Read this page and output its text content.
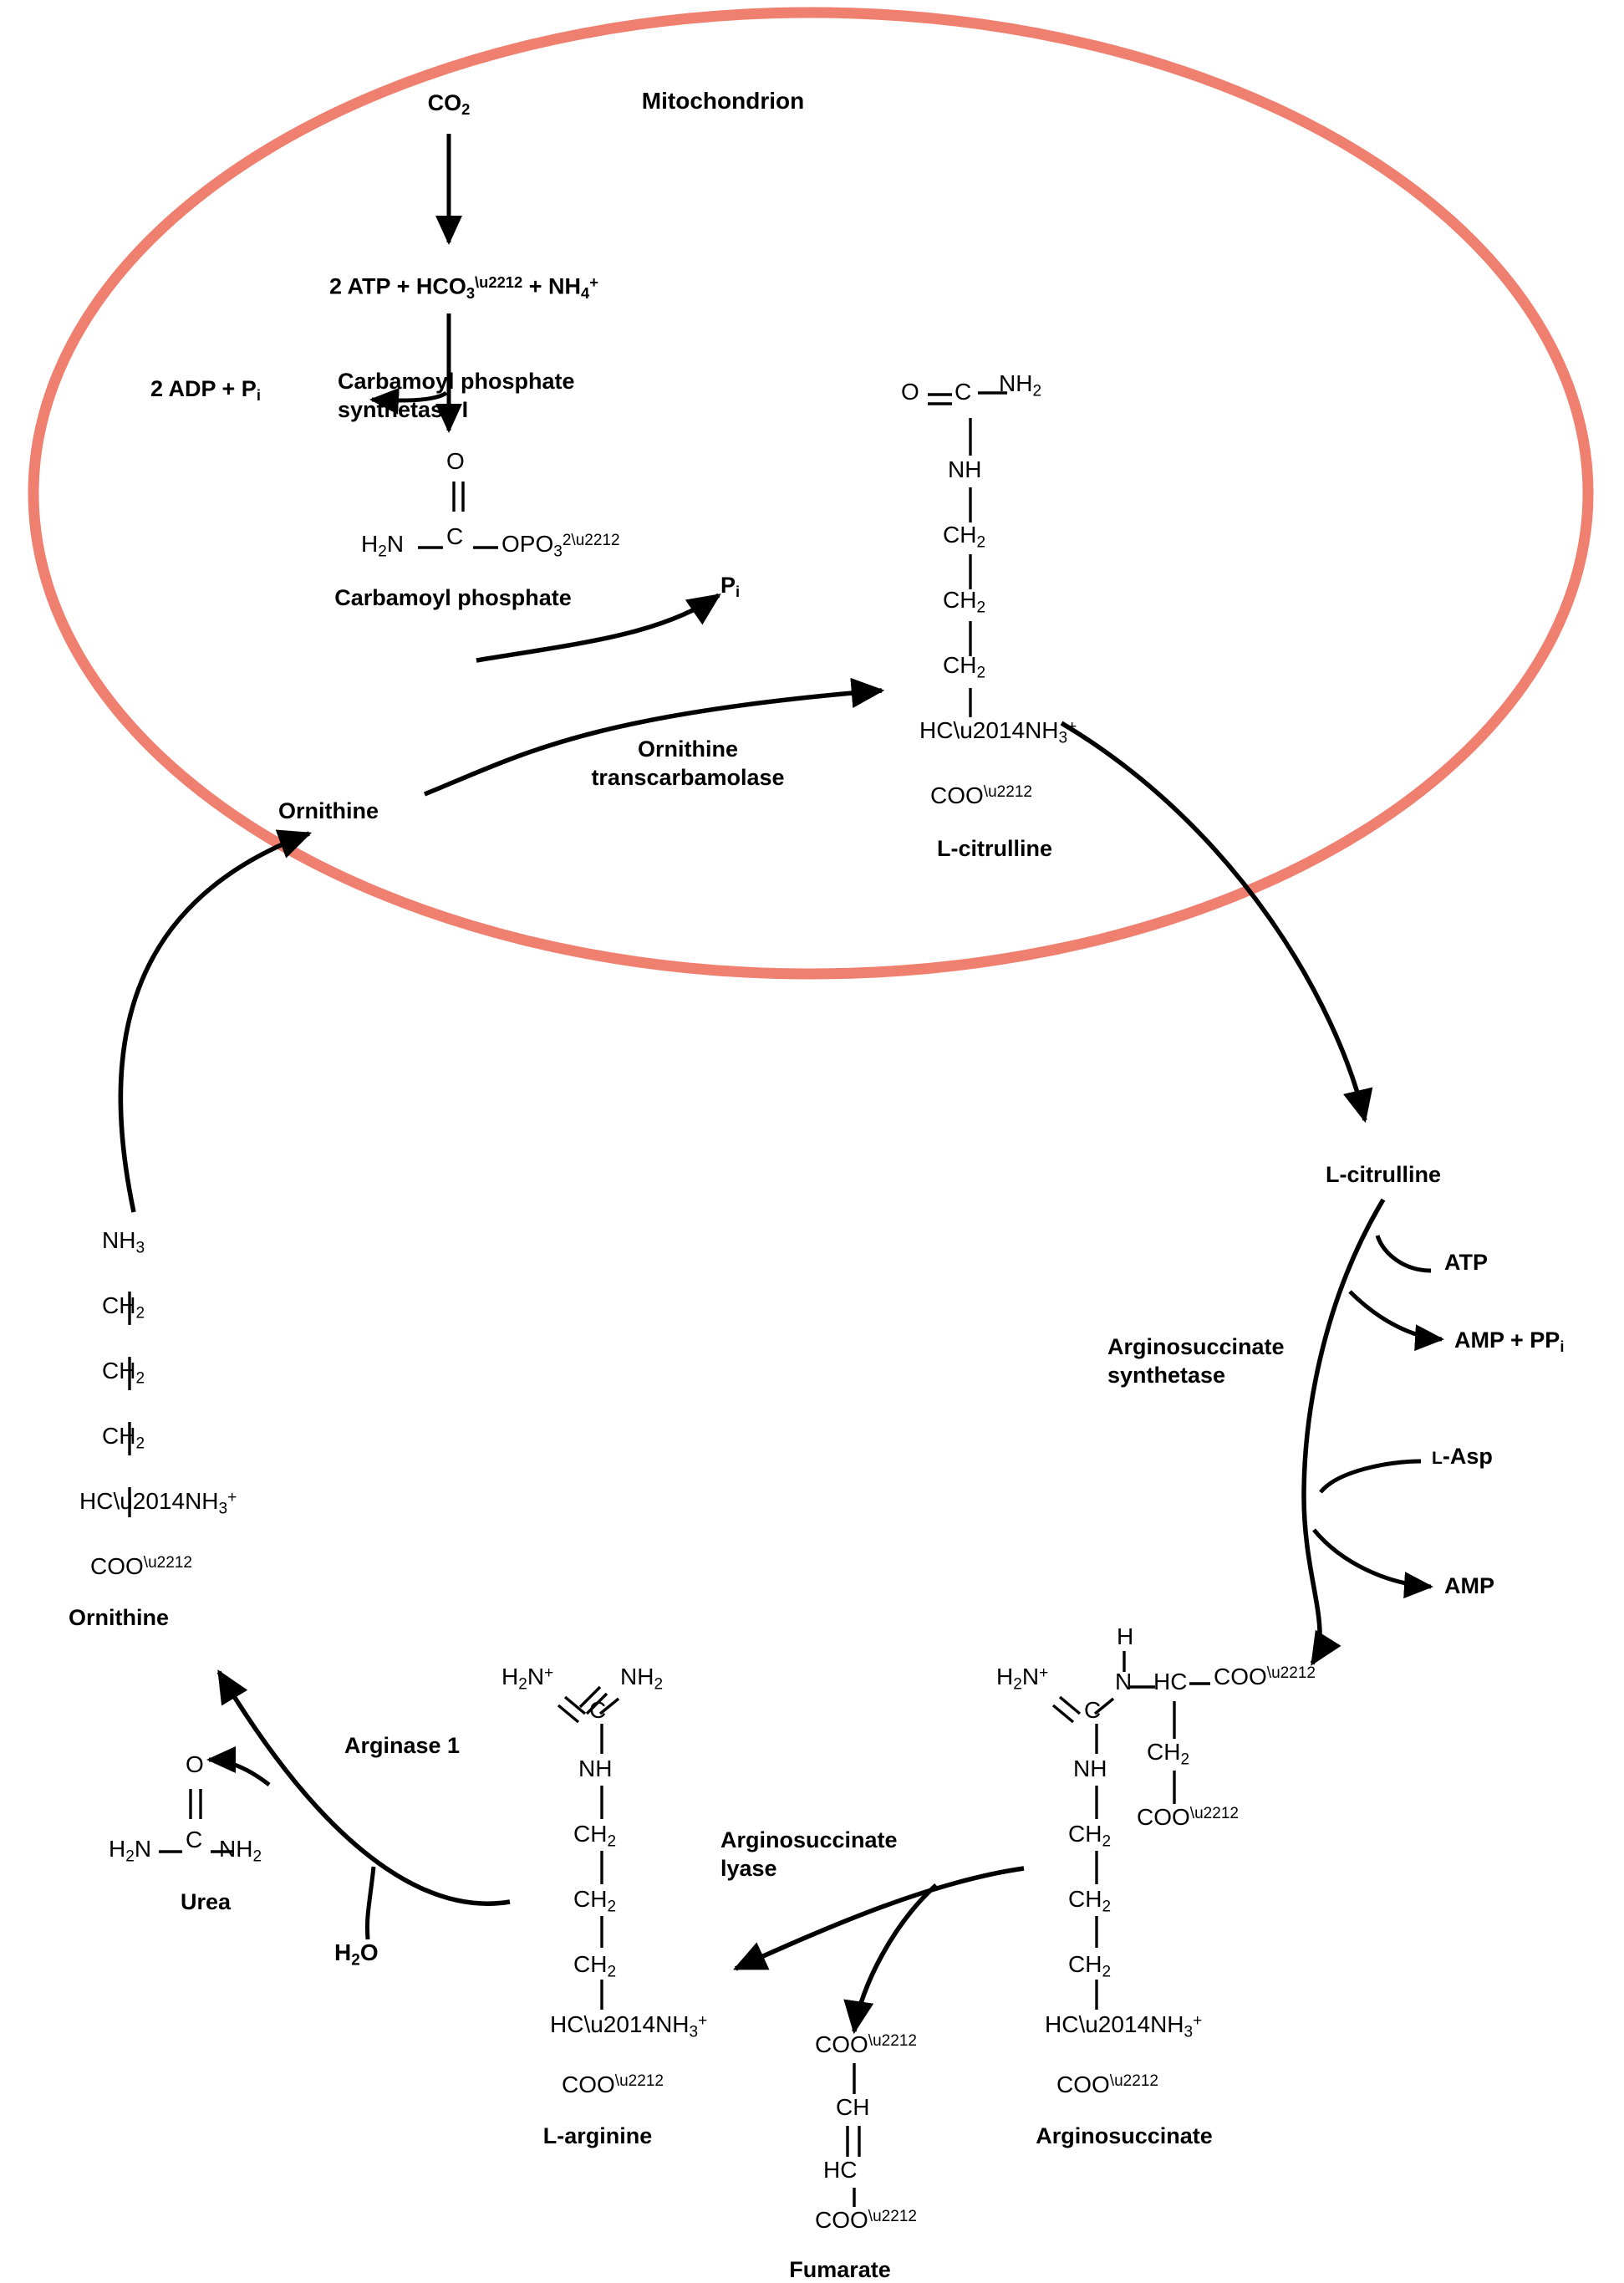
Mitochondrion
$CO_2$
2 ATP + $HCO_3^{\backslash u2212} + NH_4^+$
2 ADP + $P_i$
Carbamoyl phosphate
synthetase I
O
C
$H_2N$	$OPO_3^{2\backslash u2212}$
Carbamoyl phosphate	$P_i$
Ornithine
transcarbamolase
O C $NH_2$
NH
$CH_2$
$CH_2$
$CH_2$
$HC\backslash u2014NH_3^+$
$COO^{\backslash u2212}$
L-citrulline
Ornithine
L-citrulline
ATP
AMP + $PP_i$
L-Asp
AMP
Arginosuccinate
synthetase
Arginosuccinate
lyase
Arginase 1
$H_2O$
O
C
$H_2N$	$NH_2$
Urea
$NH_3$
$CH_2$
$CH_2$
$CH_2$
$HC\backslash u2014NH_3^+$
$COO^{\backslash u2212}$
Ornithine
$H_2N^+$	$NH_2$
C
NH
$CH_2$
$CH_2$
$CH_2$
$HC\backslash u2014NH_3^+$
$COO^{\backslash u2212}$
L-arginine
$H_2N^+$
H
N HC $COO^{\backslash u2212}$
$CH_2$
$COO^{\backslash u2212}$
C
NH
$CH_2$
$CH_2$
$CH_2$
$HC\backslash u2014NH_3^+$
$COO^{\backslash u2212}$
Arginosuccinate
$COO^{\backslash u2212}$
CH
HC
$COO^{\backslash u2212}$
Fumarate
